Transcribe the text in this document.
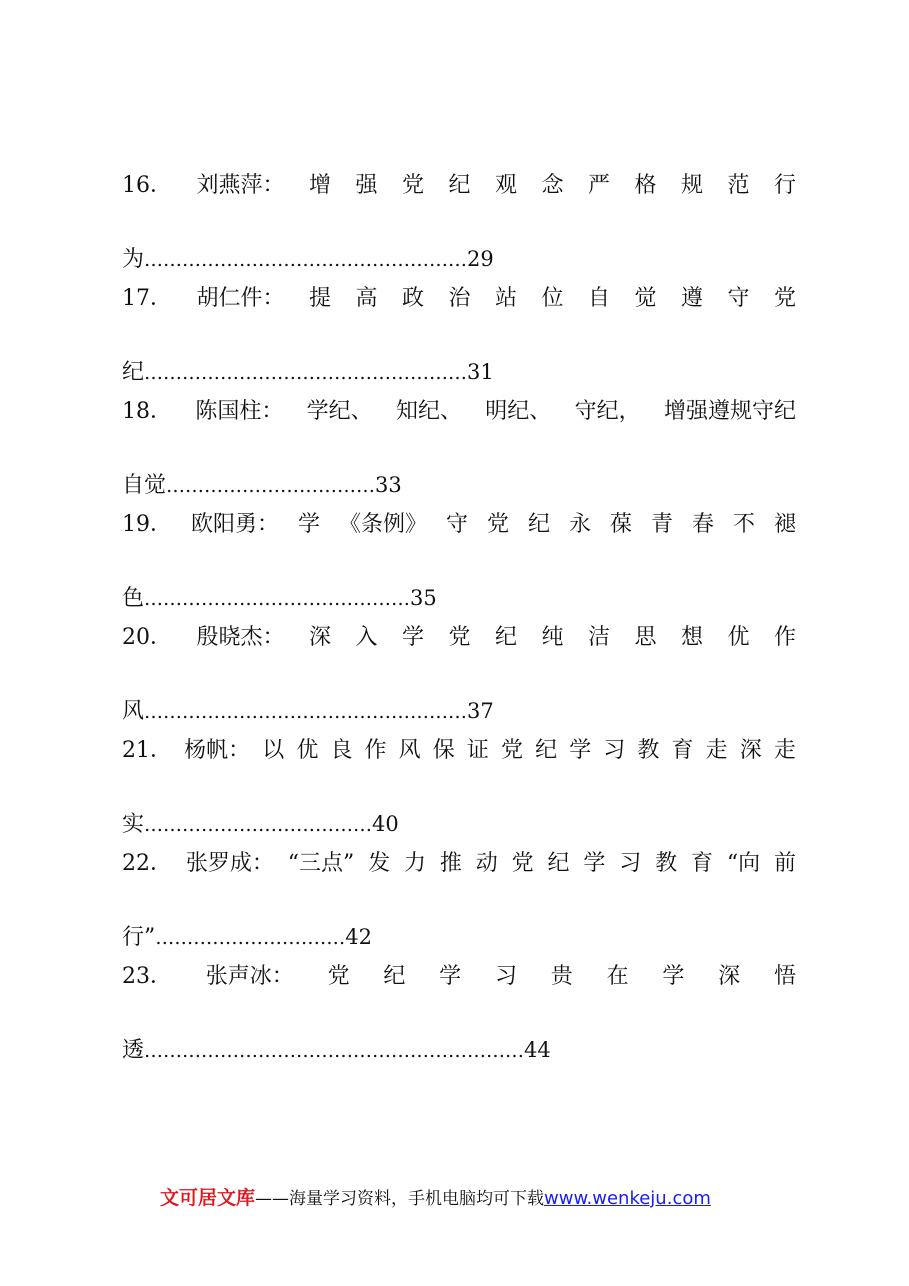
16． 刘燕萍： 增 强 党 纪 观 念 严 格 规 范 行
为 …………………………………………… 29
17． 胡仁件： 提 高 政 治 站 位 自 觉 遵 守 党
纪 …………………………………………… 31
18． 陈国柱： 学纪、 知纪、 明纪、 守纪， 增强遵规守纪
自觉 …………………………… 33
19． 欧阳勇： 学 《条例》 守 党 纪 永 葆 青 春 不 褪
色 …………………………………… 35
20． 殷晓杰： 深 入 学 党 纪 纯 洁 思 想 优 作
风 …………………………………………… 37
21． 杨帆： 以 优 良 作 风 保 证 党 纪 学 习 教 育 走 深 走
实 ……………………………… 40
22． 张罗成： “三点” 发 力 推 动 党 纪 学 习 教 育 “向 前
行” ………………………… 42
23． 张声冰： 党 纪 学 习 贵 在 学 深 悟
透 …………………………………………………… 44
文可居文库——海量学习资料，手机电脑均可下载www.wenkeju.com
